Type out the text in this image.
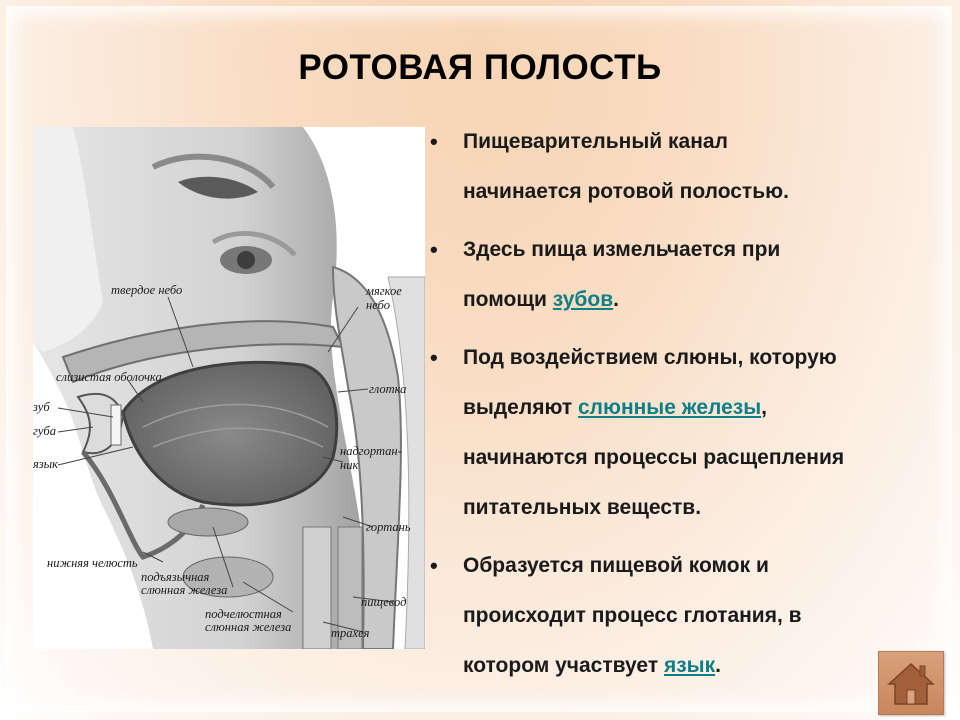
РОТОВАЯ ПОЛОСТЬ
твердое небо	мягкое
небо
слизистая оболочка
глотка
зуб
губа
язык
надгортан-
ник
гортань
нижняя челюсть
подъязычная
слюнная железа
пищевод
подчелюстная
слюнная железа	трахея
• Пищеварительный канал
начинается ротовой полостью.
• Здесь пища измельчается при
помощи зубов.
• Под воздействием слюны, которую
выделяют слюнные железы,
начинаются процессы расщепления
питательных веществ.
• Образуется пищевой комок и
происходит процесс глотания, в
котором участвует язык.
